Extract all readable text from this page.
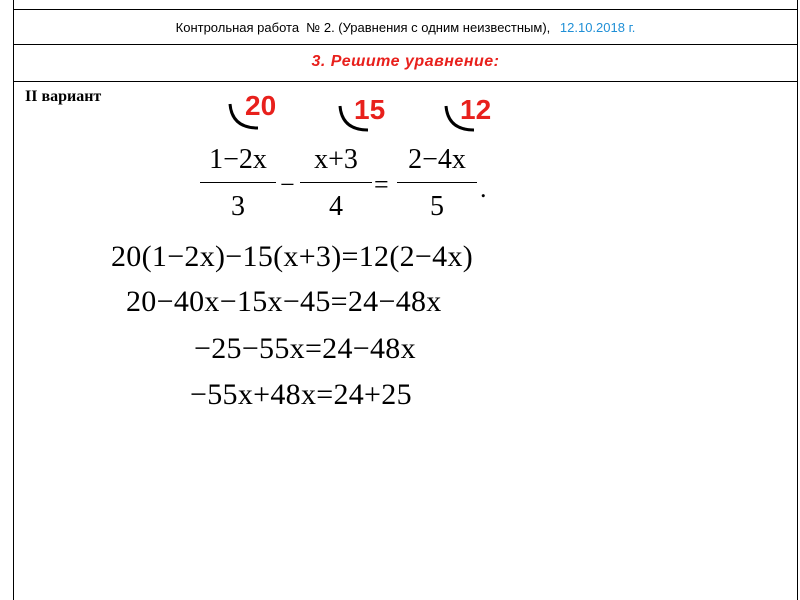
Контрольная работа  № 2. (Уравнения с одним неизвестным), 12.10.2018 г.
3. Решите уравнение:
II вариант	20	15	12
1−2x
3
−
x+3
4
=
2−4x
5
.
20(1−2x)−15(x+3)=12(2−4x)
20−40x−15x−45=24−48x
−25−55x=24−48x
−55x+48x=24+25
